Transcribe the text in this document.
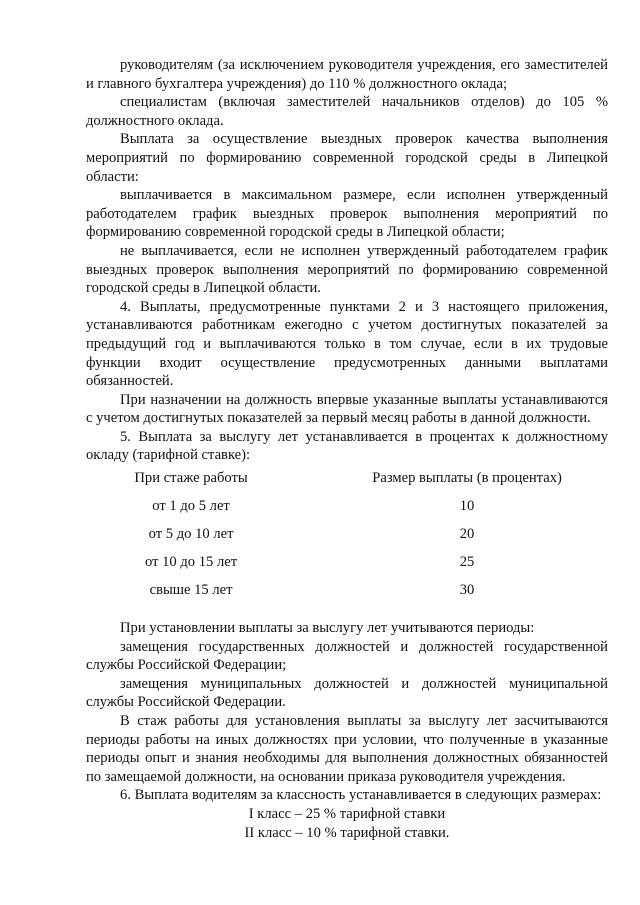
руководителям (за исключением руководителя учреждения, его заместителей и главного бухгалтера учреждения) до 110 % должностного оклада;

специалистам (включая заместителей начальников отделов) до 105 % должностного оклада.

Выплата за осуществление выездных проверок качества выполнения мероприятий по формированию современной городской среды в Липецкой области:

выплачивается в максимальном размере, если исполнен утвержденный работодателем график выездных проверок выполнения мероприятий по формированию современной городской среды в Липецкой области;

не выплачивается, если не исполнен утвержденный работодателем график выездных проверок выполнения мероприятий по формированию современной городской среды в Липецкой области.

4. Выплаты, предусмотренные пунктами 2 и 3 настоящего приложения, устанавливаются работникам ежегодно с учетом достигнутых показателей за предыдущий год и выплачиваются только в том случае, если в их трудовые функции входит осуществление предусмотренных данными выплатами обязанностей.

При назначении на должность впервые указанные выплаты устанавливаются с учетом достигнутых показателей за первый месяц работы в данной должности.

5. Выплата за выслугу лет устанавливается в процентах к должностному окладу (тарифной ставке):

При стаже работы	Размер выплаты (в процентах)
от 1 до 5 лет	10
от 5 до 10 лет	20
от 10 до 15 лет	25
свыше 15 лет	30

При установлении выплаты за выслугу лет учитываются периоды:

замещения государственных должностей и должностей государственной службы Российской Федерации;

замещения муниципальных должностей и должностей муниципальной службы Российской Федерации.

В стаж работы для установления выплаты за выслугу лет засчитываются периоды работы на иных должностях при условии, что полученные в указанные периоды опыт и знания необходимы для выполнения должностных обязанностей по замещаемой должности, на основании приказа руководителя учреждения.

6. Выплата водителям за классность устанавливается в следующих размерах:

I класс – 25 % тарифной ставки

II класс – 10 % тарифной ставки.
